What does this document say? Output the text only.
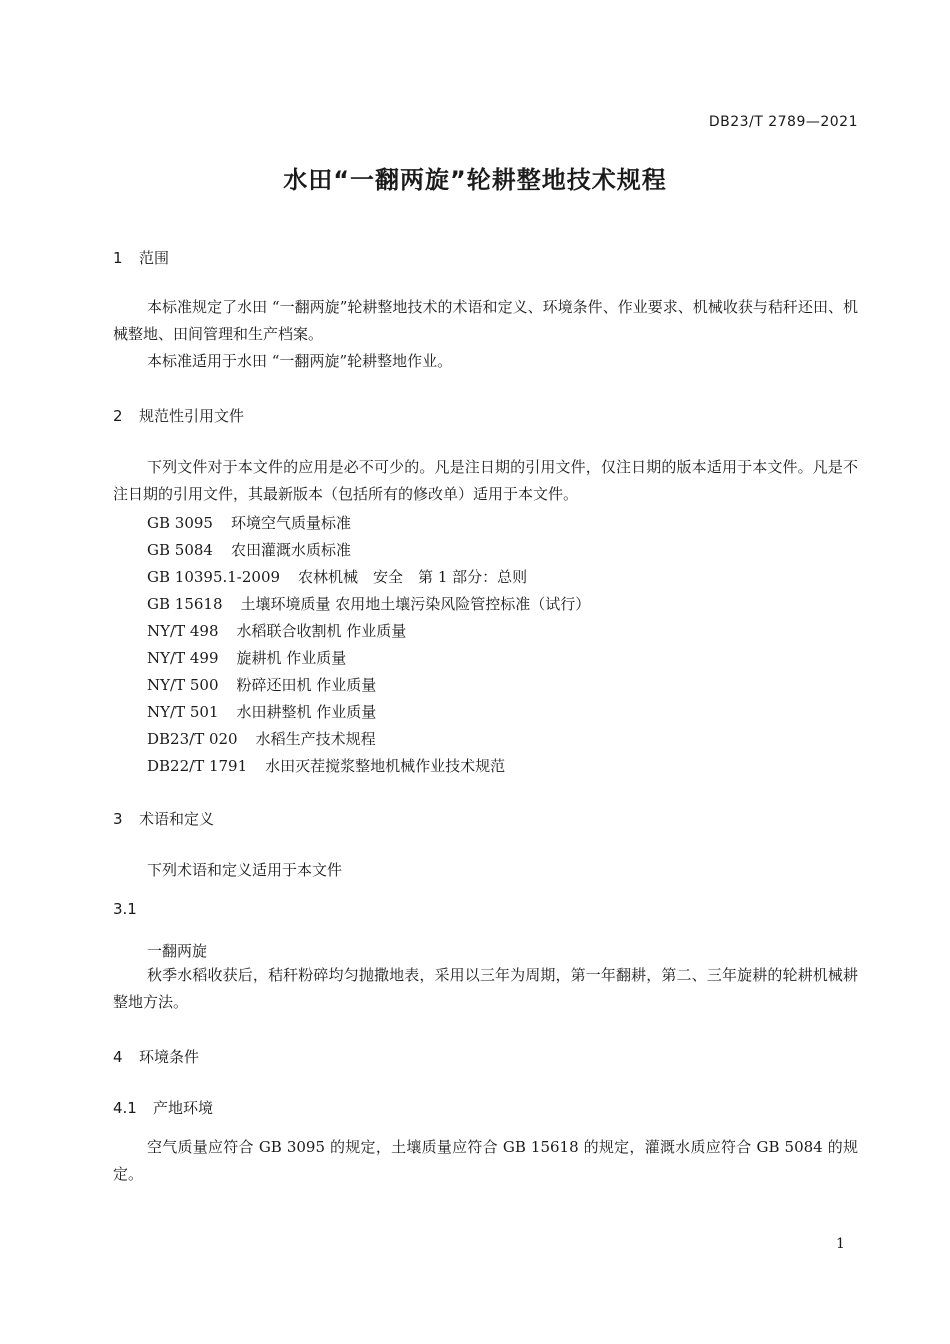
DB23/T 2789—2021
水田“一翻两旋”轮耕整地技术规程
1 范围
本标准规定了水田 “一翻两旋”轮耕整地技术的术语和定义、环境条件、作业要求、机械收获与秸秆还田、机械整地、田间管理和生产档案。
本标准适用于水田 “一翻两旋”轮耕整地作业。
2 规范性引用文件
下列文件对于本文件的应用是必不可少的。凡是注日期的引用文件，仅注日期的版本适用于本文件。凡是不注日期的引用文件，其最新版本（包括所有的修改单）适用于本文件。
GB 3095 环境空气质量标准
GB 5084 农田灌溉水质标准
GB 10395.1-2009 农林机械　安全　第 1 部分：总则
GB 15618 土壤环境质量 农用地土壤污染风险管控标准（试行）
NY/T 498 水稻联合收割机 作业质量
NY/T 499 旋耕机 作业质量
NY/T 500 粉碎还田机 作业质量
NY/T 501 水田耕整机 作业质量
DB23/T 020 水稻生产技术规程
DB22/T 1791 水田灭茬搅浆整地机械作业技术规范
3 术语和定义
下列术语和定义适用于本文件
3.1
一翻两旋
秋季水稻收获后，秸秆粉碎均匀抛撒地表，采用以三年为周期，第一年翻耕，第二、三年旋耕的轮耕机械耕整地方法。
4 环境条件
4.1 产地环境
空气质量应符合 GB 3095 的规定，土壤质量应符合 GB 15618 的规定，灌溉水质应符合 GB 5084 的规定。
1
